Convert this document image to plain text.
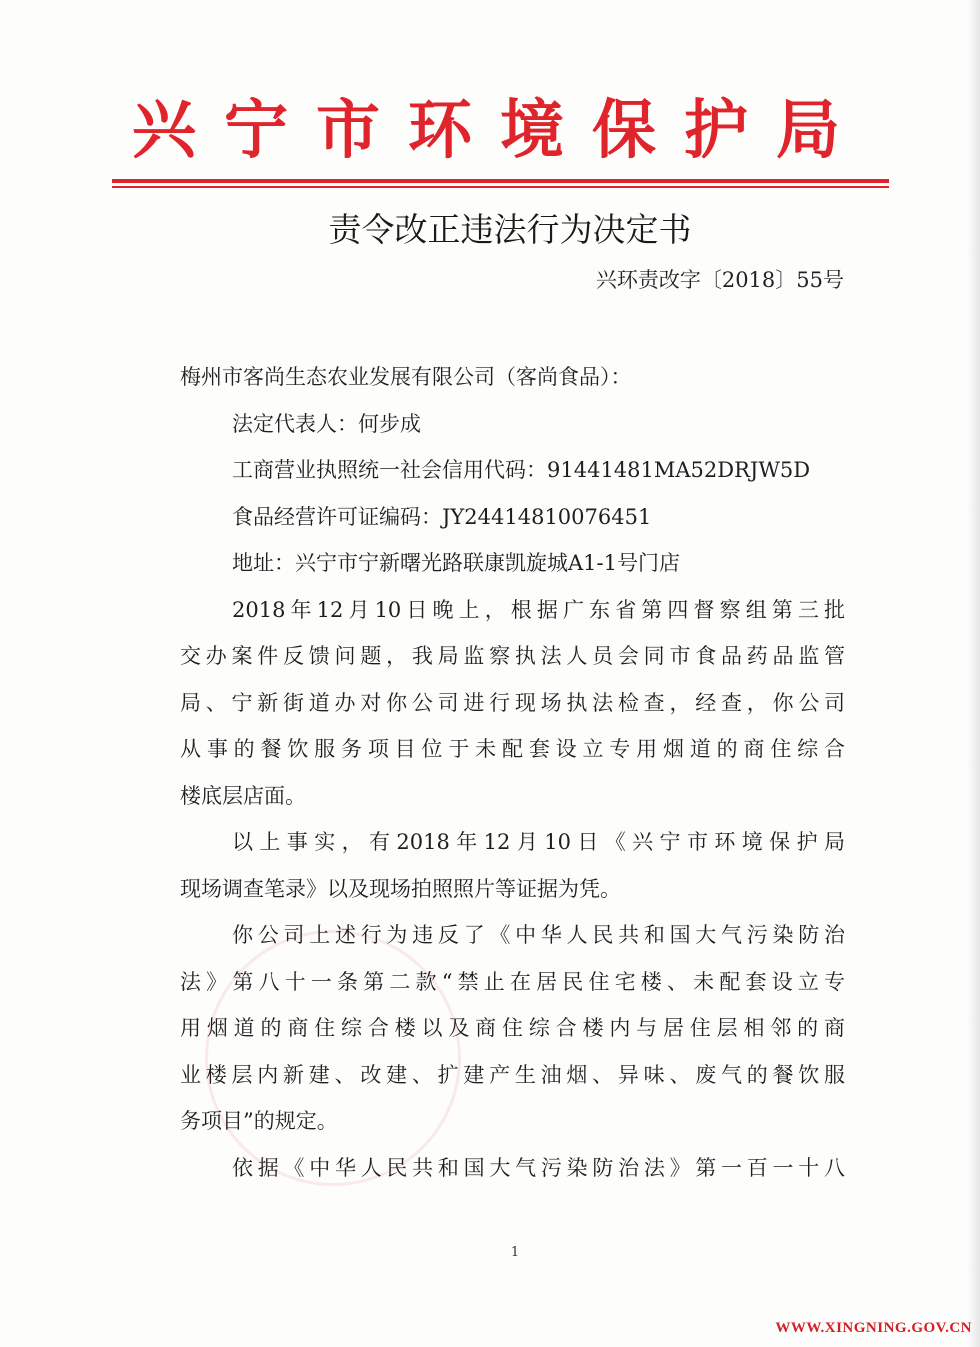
兴宁市环境保护局
责令改正违法行为决定书
兴环责改字〔2018〕55号
梅州市客尚生态农业发展有限公司（客尚食品）：
法定代表人：何步成
工商营业执照统一社会信用代码：91441481MA52DRJW5D
食品经营许可证编码：JY24414810076451
地址：兴宁市宁新曙光路联康凯旋城A1-1号门店
2018年12月10日晚上，根据广东省第四督察组第三批
交办案件反馈问题，我局监察执法人员会同市食品药品监管
局、宁新街道办对你公司进行现场执法检查，经查，你公司
从事的餐饮服务项目位于未配套设立专用烟道的商住综合
楼底层店面。
以上事实，有2018年12月10日《兴宁市环境保护局
现场调查笔录》以及现场拍照照片等证据为凭。
你公司上述行为违反了《中华人民共和国大气污染防治
法》第八十一条第二款“禁止在居民住宅楼、未配套设立专
用烟道的商住综合楼以及商住综合楼内与居住层相邻的商
业楼层内新建、改建、扩建产生油烟、异味、废气的餐饮服
务项目”的规定。
依据《中华人民共和国大气污染防治法》第一百一十八
1
WWW.XINGNING.GOV.CN
